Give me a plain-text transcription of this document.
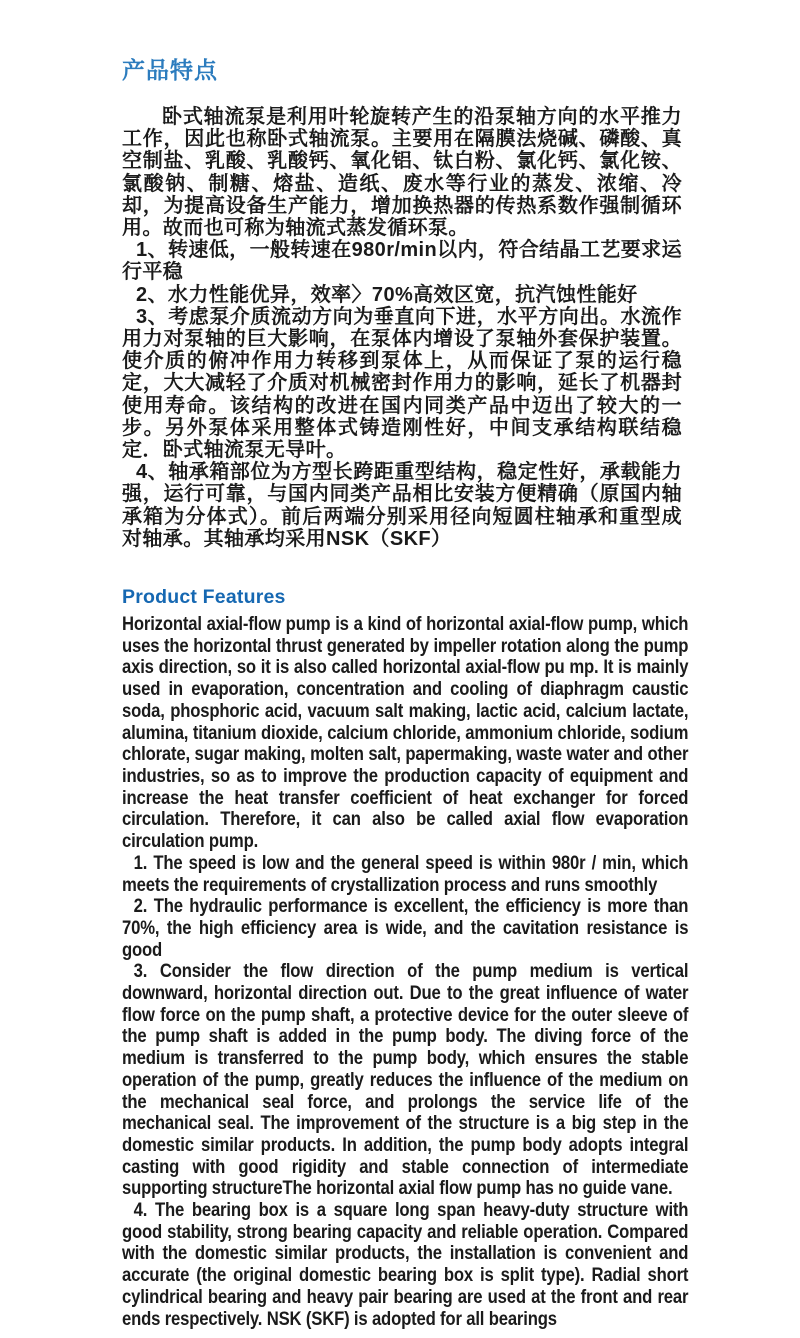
产品特点

卧式轴流泵是利用叶轮旋转产生的沿泵轴方向的水平推力工作，因此也称卧式轴流泵。主要用在隔膜法烧碱、磷酸、真空制盐、乳酸、乳酸钙、氧化铝、钛白粉、氯化钙、氯化铵、氯酸钠、制糖、熔盐、造纸、废水等行业的蒸发、浓缩、冷却，为提高设备生产能力，增加换热器的传热系数作强制循环用。故而也可称为轴流式蒸发循环泵。

1、转速低，一般转速在980r/min以内，符合结晶工艺要求运行平稳

2、水力性能优异，效率〉70%高效区宽，抗汽蚀性能好

3、考虑泵介质流动方向为垂直向下进，水平方向出。水流作用力对泵轴的巨大影响，在泵体内增设了泵轴外套保护装置。使介质的俯冲作用力转移到泵体上，从而保证了泵的运行稳定，大大减轻了介质对机械密封作用力的影响，延长了机器封使用寿命。该结构的改进在国内同类产品中迈出了较大的一步。另外泵体采用整体式铸造刚性好，中间支承结构联结稳定．卧式轴流泵无导叶。

4、轴承箱部位为方型长跨距重型结构，稳定性好，承载能力强，运行可靠，与国内同类产品相比安装方便精确（原国内轴承箱为分体式）。前后两端分别采用径向短圆柱轴承和重型成对轴承。其轴承均采用NSK（SKF）

Product Features

Horizontal axial-flow pump is a kind of horizontal axial-flow pump, which uses the horizontal thrust generated by impeller rotation along the pump axis direction, so it is also called horizontal axial-flow pu mp. It is mainly used in evaporation, concentration and cooling of diaphragm caustic soda, phosphoric acid, vacuum salt making, lactic acid, calcium lactate, alumina, titanium dioxide, calcium chloride, ammonium chloride, sodium chlorate, sugar making, molten salt, papermaking, waste water and other industries, so as to improve the production capacity of equipment and increase the heat transfer coefficient of heat exchanger for forced circulation. Therefore, it can also be called axial flow evaporation circulation pump.

1. The speed is low and the general speed is within 980r / min, which meets the requirements of crystallization process and runs smoothly

2. The hydraulic performance is excellent, the efficiency is more than 70%, the high efficiency area is wide, and the cavitation resistance is good

3. Consider the flow direction of the pump medium is vertical downward, horizontal direction out. Due to the great influence of water flow force on the pump shaft, a protective device for the outer sleeve of the pump shaft is added in the pump body. The diving force of the medium is transferred to the pump body, which ensures the stable operation of the pump, greatly reduces the influence of the medium on the mechanical seal force, and prolongs the service life of the mechanical seal. The improvement of the structure is a big step in the domestic similar products. In addition, the pump body adopts integral casting with good rigidity and stable connection of intermediate supporting structureThe horizontal axial flow pump has no guide vane.

4. The bearing box is a square long span heavy-duty structure with good stability, strong bearing capacity and reliable operation. Compared with the domestic similar products, the installation is convenient and accurate (the original domestic bearing box is split type). Radial short cylindrical bearing and heavy pair bearing are used at the front and rear ends respectively. NSK (SKF) is adopted for all bearings
